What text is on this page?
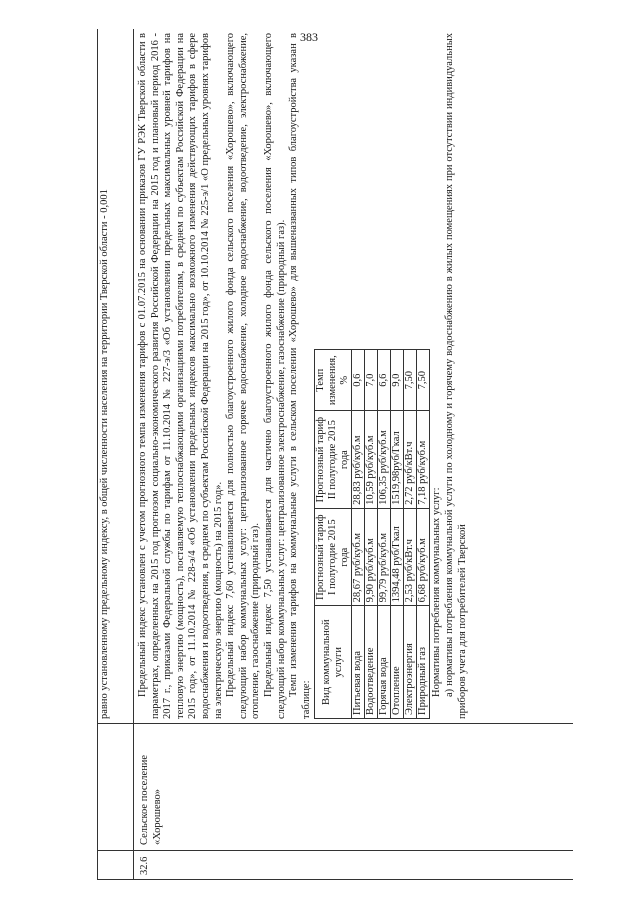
383
равно установленному предельному индексу, в общей численности населения на территории Тверской области - 0,001
32.6
Сельское поселение «Хорошево»

Предельный индекс установлен с учетом прогнозного темпа изменения тарифов с 01.07.2015 на основании приказов ГУ РЭК Тверской области в параметрах, определенных на 2015 год прогнозом социально-экономического развития Российской Федерации на 2015 год и плановый период 2016 - 2017 г., приказами Федеральной службы по тарифам от 11.10.2014 № 227-э/3 «Об установлении предельных максимальных уровней тарифов на тепловую энергию (мощность), поставляемую теплоснабжающими организациями потребителям, в среднем по субъектам Российской Федерации на 2015 год», от 11.10.2014 № 228-э/4 «Об установлении предельных индексов максимально возможного изменения действующих тарифов в сфере водоснабжения и водоотведения, в среднем по субъектам Российской Федерации на 2015 год», от 10.10.2014 № 225-э/1 «О предельных уровнях тарифов на электрическую энергию (мощность) на 2015 год». Предельный индекс 7,60 устанавливается для полностью благоустроенного жилого фонда сельского поселения «Хорошево», включающего следующий набор коммунальных услуг: централизованное горячее водоснабжение, холодное водоснабжение, водоотведение, электроснабжение, отопление, газоснабжение (природный газ). Предельный индекс 7,50 устанавливается для частично благоустроенного жилого фонда сельского поселения «Хорошево», включающего следующий набор коммунальных услуг: централизованное электроснабжение, газоснабжение (природный газ). Темп изменения тарифов на коммунальные услуги в сельском поселении «Хорошево» для вышеназванных типов благоустройства указан в таблице: Вид коммунальной услуги	Прогнозный тариф I полугодие 2015 года	Прогнозный тариф II полугодие 2015 года	Темп изменения, %
Питьевая вода	28,67 руб/куб.м	28,83 руб/куб.м	0,6
Водоотведение	9,90 руб/куб.м	10,59 руб/куб.м	7,0
Горячая вода	99,79 руб/куб.м	106,35 руб/куб.м	6,6
Отопление	1394,48 руб/Гкал	1519,98руб/Гкал	9,0
Электроэнергия	2,53 руб/кВт.ч	2,72 руб/кВт.ч	7,50
Природный газ	6,68 руб/куб.м	7,18 руб/куб.м	7,50

Нормативы потребления коммунальных услуг: а) нормативы потребления коммунальной услуги по холодному и горячему водоснабжению в жилых помещениях при отсутствии индивидуальных приборов учета для потребителей Тверской
